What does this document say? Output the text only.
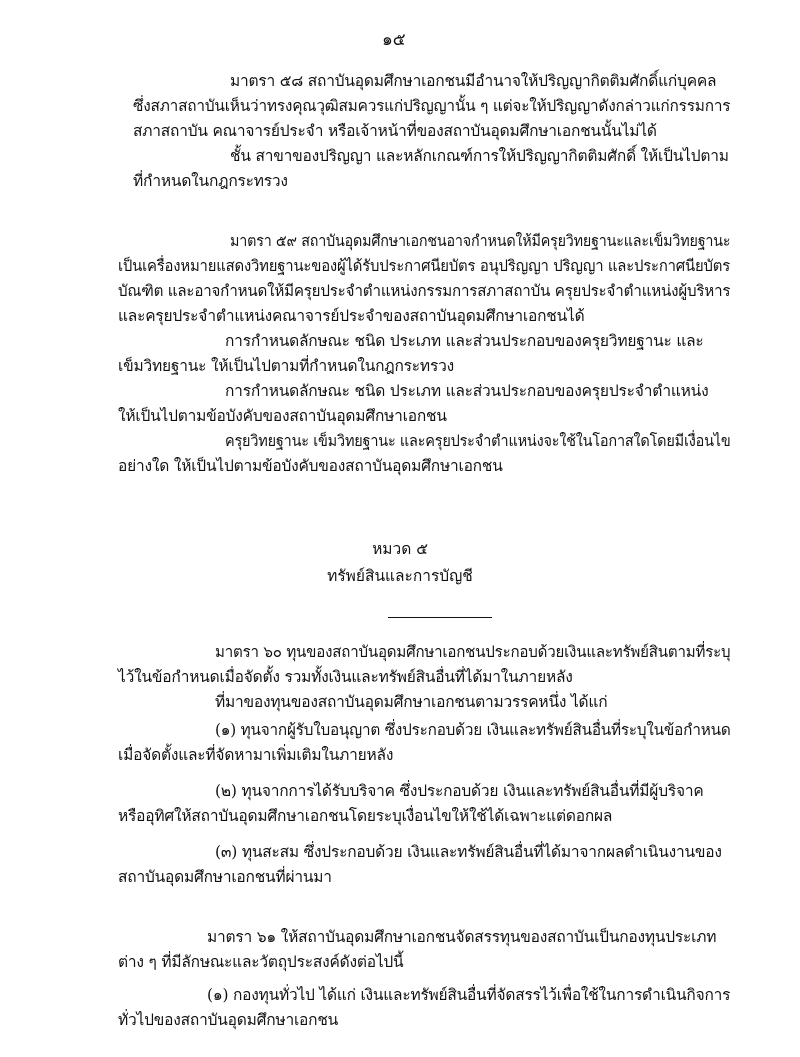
๑๕
มาตรา ๕๘ สถาบันอุดมศึกษาเอกชนมีอำนาจให้ปริญญากิตติมศักดิ์แก่บุคคล
ซึ่งสภาสถาบันเห็นว่าทรงคุณวุฒิสมควรแก่ปริญญานั้น ๆ แต่จะให้ปริญญาดังกล่าวแก่กรรมการ
สภาสถาบัน คณาจารย์ประจำ หรือเจ้าหน้าที่ของสถาบันอุดมศึกษาเอกชนนั้นไม่ได้
ชั้น สาขาของปริญญา และหลักเกณฑ์การให้ปริญญากิตติมศักดิ์ ให้เป็นไปตาม
ที่กำหนดในกฎกระทรวง
มาตรา ๕๙ สถาบันอุดมศึกษาเอกชนอาจกำหนดให้มีครุยวิทยฐานะและเข็มวิทยฐานะ
เป็นเครื่องหมายแสดงวิทยฐานะของผู้ได้รับประกาศนียบัตร อนุปริญญา ปริญญา และประกาศนียบัตร
บัณฑิต และอาจกำหนดให้มีครุยประจำตำแหน่งกรรมการสภาสถาบัน ครุยประจำตำแหน่งผู้บริหาร
และครุยประจำตำแหน่งคณาจารย์ประจำของสถาบันอุดมศึกษาเอกชนได้
การกำหนดลักษณะ ชนิด ประเภท และส่วนประกอบของครุยวิทยฐานะ และ
เข็มวิทยฐานะ ให้เป็นไปตามที่กำหนดในกฎกระทรวง
การกำหนดลักษณะ ชนิด ประเภท และส่วนประกอบของครุยประจำตำแหน่ง
ให้เป็นไปตามข้อบังคับของสถาบันอุดมศึกษาเอกชน
ครุยวิทยฐานะ เข็มวิทยฐานะ และครุยประจำตำแหน่งจะใช้ในโอกาสใดโดยมีเงื่อนไข
อย่างใด ให้เป็นไปตามข้อบังคับของสถาบันอุดมศึกษาเอกชน
หมวด ๕
ทรัพย์สินและการบัญชี
มาตรา ๖๐ ทุนของสถาบันอุดมศึกษาเอกชนประกอบด้วยเงินและทรัพย์สินตามที่ระบุ
ไว้ในข้อกำหนดเมื่อจัดตั้ง รวมทั้งเงินและทรัพย์สินอื่นที่ได้มาในภายหลัง
ที่มาของทุนของสถาบันอุดมศึกษาเอกชนตามวรรคหนึ่ง ได้แก่
(๑) ทุนจากผู้รับใบอนุญาต ซึ่งประกอบด้วย เงินและทรัพย์สินอื่นที่ระบุในข้อกำหนด
เมื่อจัดตั้งและที่จัดหามาเพิ่มเติมในภายหลัง
(๒) ทุนจากการได้รับบริจาค ซึ่งประกอบด้วย เงินและทรัพย์สินอื่นที่มีผู้บริจาค
หรืออุทิศให้สถาบันอุดมศึกษาเอกชนโดยระบุเงื่อนไขให้ใช้ได้เฉพาะแต่ดอกผล
(๓) ทุนสะสม ซึ่งประกอบด้วย เงินและทรัพย์สินอื่นที่ได้มาจากผลดำเนินงานของ
สถาบันอุดมศึกษาเอกชนที่ผ่านมา
มาตรา ๖๑ ให้สถาบันอุดมศึกษาเอกชนจัดสรรทุนของสถาบันเป็นกองทุนประเภท
ต่าง ๆ ที่มีลักษณะและวัตถุประสงค์ดังต่อไปนี้
(๑) กองทุนทั่วไป ได้แก่ เงินและทรัพย์สินอื่นที่จัดสรรไว้เพื่อใช้ในการดำเนินกิจการ
ทั่วไปของสถาบันอุดมศึกษาเอกชน
